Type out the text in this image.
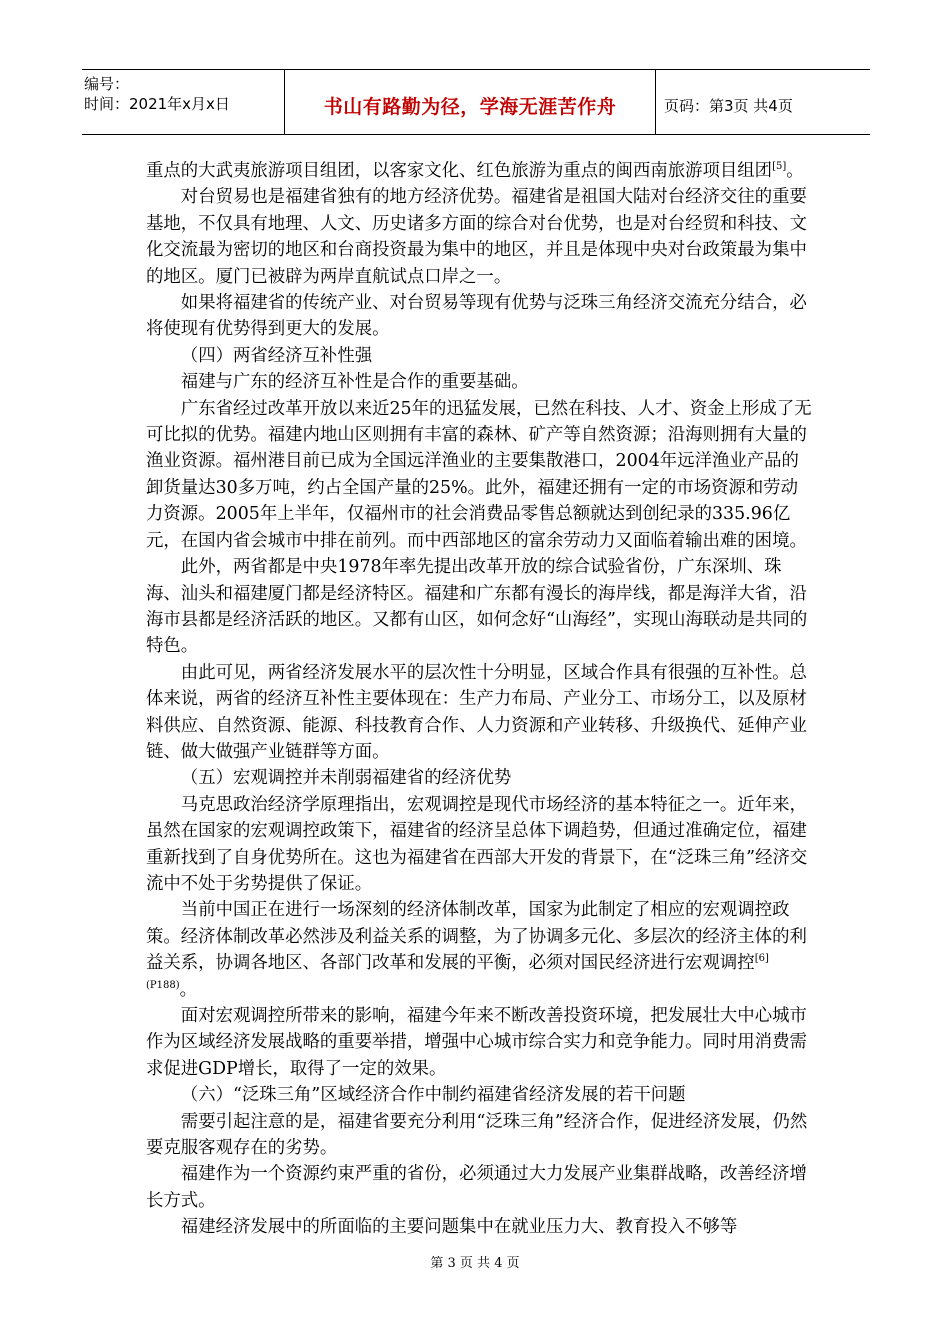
编号：
时间：2021年x月x日	书山有路勤为径，学海无涯苦作舟	页码：第3页 共4页

重点的大武夷旅游项目组团，以客家文化、红色旅游为重点的闽西南旅游项目组团[5]。

对台贸易也是福建省独有的地方经济优势。福建省是祖国大陆对台经济交往的重要基地，不仅具有地理、人文、历史诸多方面的综合对台优势，也是对台经贸和科技、文化交流最为密切的地区和台商投资最为集中的地区，并且是体现中央对台政策最为集中的地区。厦门已被辟为两岸直航试点口岸之一。

如果将福建省的传统产业、对台贸易等现有优势与泛珠三角经济交流充分结合，必将使现有优势得到更大的发展。

（四）两省经济互补性强

福建与广东的经济互补性是合作的重要基础。

广东省经过改革开放以来近25年的迅猛发展，已然在科技、人才、资金上形成了无可比拟的优势。福建内地山区则拥有丰富的森林、矿产等自然资源；沿海则拥有大量的渔业资源。福州港目前已成为全国远洋渔业的主要集散港口，2004年远洋渔业产品的卸货量达30多万吨，约占全国产量的25%。此外，福建还拥有一定的市场资源和劳动力资源。2005年上半年，仅福州市的社会消费品零售总额就达到创纪录的335.96亿元，在国内省会城市中排在前列。而中西部地区的富余劳动力又面临着输出难的困境。

此外，两省都是中央1978年率先提出改革开放的综合试验省份，广东深圳、珠海、汕头和福建厦门都是经济特区。福建和广东都有漫长的海岸线，都是海洋大省，沿海市县都是经济活跃的地区。又都有山区，如何念好“山海经”，实现山海联动是共同的特色。

由此可见，两省经济发展水平的层次性十分明显，区域合作具有很强的互补性。总体来说，两省的经济互补性主要体现在：生产力布局、产业分工、市场分工，以及原材料供应、自然资源、能源、科技教育合作、人力资源和产业转移、升级换代、延伸产业链、做大做强产业链群等方面。

（五）宏观调控并未削弱福建省的经济优势

马克思政治经济学原理指出，宏观调控是现代市场经济的基本特征之一。近年来，虽然在国家的宏观调控政策下，福建省的经济呈总体下调趋势，但通过准确定位，福建重新找到了自身优势所在。这也为福建省在西部大开发的背景下，在“泛珠三角”经济交流中不处于劣势提供了保证。

当前中国正在进行一场深刻的经济体制改革，国家为此制定了相应的宏观调控政策。经济体制改革必然涉及利益关系的调整，为了协调多元化、多层次的经济主体的利益关系，协调各地区、各部门改革和发展的平衡，必须对国民经济进行宏观调控$^{[6](P188)}$。

面对宏观调控所带来的影响，福建今年来不断改善投资环境，把发展壮大中心城市作为区域经济发展战略的重要举措，增强中心城市综合实力和竞争能力。同时用消费需求促进GDP增长，取得了一定的效果。

（六）“泛珠三角”区域经济合作中制约福建省经济发展的若干问题

需要引起注意的是，福建省要充分利用“泛珠三角”经济合作，促进经济发展，仍然要克服客观存在的劣势。

福建作为一个资源约束严重的省份，必须通过大力发展产业集群战略，改善经济增长方式。

福建经济发展中的所面临的主要问题集中在就业压力大、教育投入不够等

第 3 页 共 4 页
